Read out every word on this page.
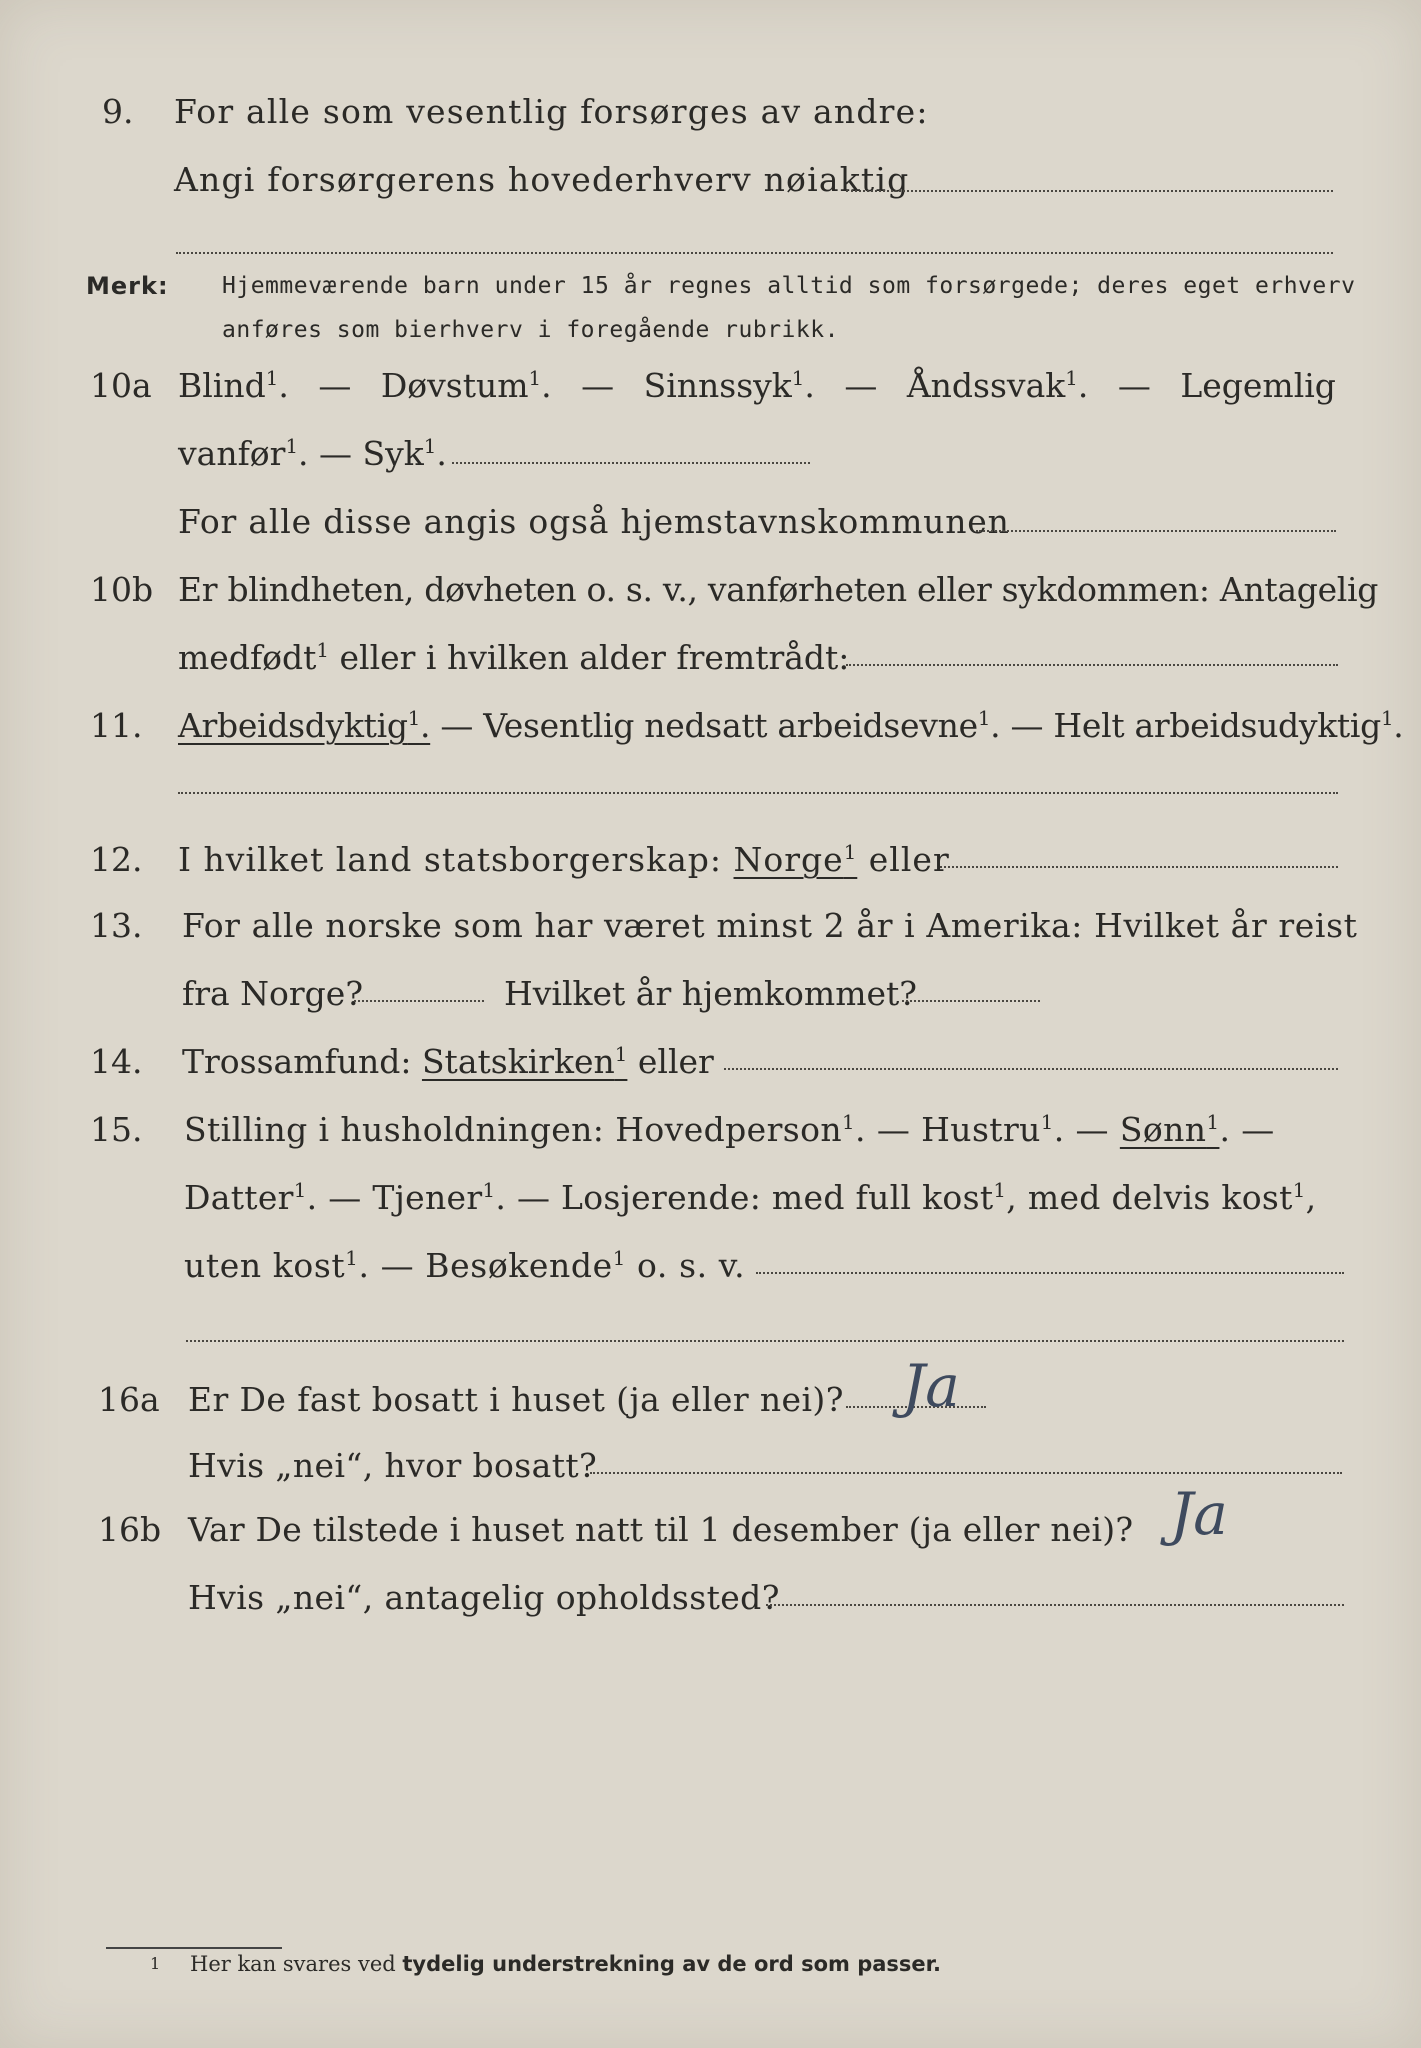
9. For alle som vesentlig forsørges av andre:
Angi forsørgerens hovederhverv nøiaktig
Merk: Hjemmeværende barn under 15 år regnes alltid som forsørgede; deres eget erhverv
anføres som bierhverv i foregående rubrikk.
10a Blind$^1$. — Døvstum$^1$. — Sinnssyk$^1$. — Åndssvak$^1$. — Legemlig
vanfør$^1$. — Syk$^1$.
For alle disse angis også hjemstavnskommunen
10b Er blindheten, døvheten o. s. v., vanførheten eller sykdommen: Antagelig
medfødt$^1$ eller i hvilken alder fremtrådt:
11. Arbeidsdyktig$^1$. — Vesentlig nedsatt arbeidsevne$^1$. — Helt arbeidsudyktig$^1$.
12. I hvilket land statsborgerskap: Norge$^1$ eller
13. For alle norske som har været minst 2 år i Amerika: Hvilket år reist
fra Norge?	Hvilket år hjemkommet?
14. Trossamfund: Statskirken$^1$ eller
15. Stilling i husholdningen: Hovedperson$^1$. — Hustru$^1$. — Sønn$^1$. —
Datter$^1$. — Tjener$^1$. — Losjerende: med full kost$^1$, med delvis kost$^1$,
uten kost$^1$. — Besøkende$^1$ o. s. v.
16a Er De fast bosatt i huset (ja eller nei)? Ja
Hvis „nei“, hvor bosatt?
16b Var De tilstede i huset natt til 1 desember (ja eller nei)? Ja
Hvis „nei“, antagelig opholdssted?
1 Her kan svares ved tydelig understrekning av de ord som passer.
